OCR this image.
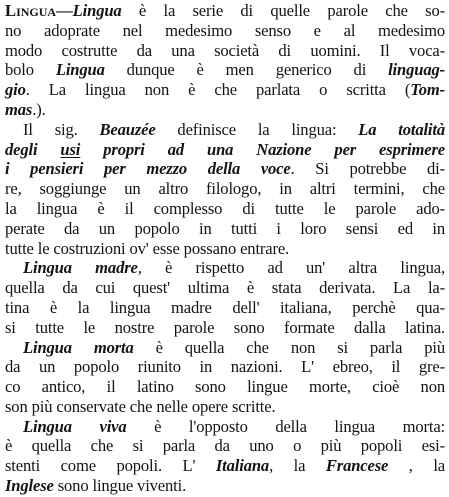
Lingua—Lingua è la serie di quelle parole che so-
no adoprate nel medesimo senso e al medesimo
modo costrutte da una società di uomini. Il voca-
bolo Lingua dunque è men generico di linguag-
gio. La lingua non è che parlata o scritta (Tom-
mas.).
Il sig. Beauzée definisce la lingua: La totalità
degli usi propri ad una Nazione per esprimere
i pensieri per mezzo della voce. Si potrebbe di-
re, soggiunge un altro filologo, in altri termini, che
la lingua è il complesso di tutte le parole ado-
perate da un popolo in tutti i loro sensi ed in
tutte le costruzioni ov' esse possano entrare.
Lingua madre, è rispetto ad un' altra lingua,
quella da cui quest' ultima è stata derivata. La la-
tina è la lingua madre dell' italiana, perchè qua-
si tutte le nostre parole sono formate dalla latina.
Lingua morta è quella che non si parla più
da un popolo riunito in nazioni. L' ebreo, il gre-
co antico, il latino sono lingue morte, cioè non
son più conservate che nelle opere scritte.
Lingua viva è l'opposto della lingua morta:
è quella che si parla da uno o più popoli esi-
stenti come popoli. L' Italiana, la Francese , la
Inglese sono lingue viventi.
